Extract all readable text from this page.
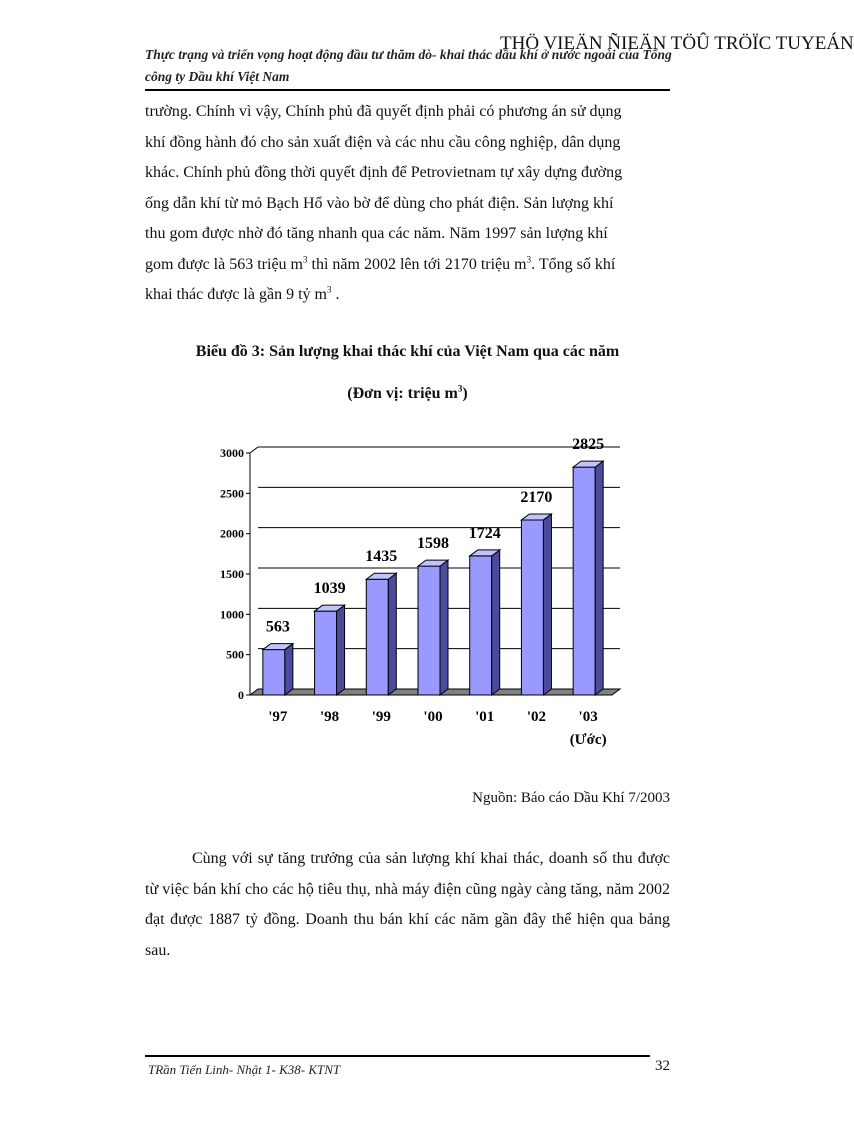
Thực trạng và triển vọng hoạt động đầu tư thăm dò- khai thác dầu khí ở nước ngoài của Tổng công ty Dầu khí Việt Nam
THÖ VIEÄN ÑIEÄN TÖÛ TRÖÏC TUYEÁN

trường. Chính vì vậy, Chính phủ đã quyết định phải có phương án sử dụng

khí đồng hành đó cho sản xuất điện và các nhu cầu công nghiệp, dân dụng

khác. Chính phủ đồng thời quyết định để Petrovietnam tự xây dựng đường

ống dẫn khí từ mỏ Bạch Hổ vào bờ để dùng cho phát điện. Sản lượng khí

thu gom được nhờ đó tăng nhanh qua các năm. Năm 1997 sản lượng khí

gom được là 563 triệu $m^3$ thì năm 2002 lên tới 2170 triệu $m^3$. Tổng số khí

khai thác được là gần 9 tỷ $m^3$ .

Biểu đồ 3: Sản lượng khai thác khí của Việt Nam qua các năm
(Đơn vị: triệu $m^3$)
0
500
1000
1500
2000
2500
3000
563
'97
1039
'98
1435
'99
1598
'00
1724
'01
2170
'02
2825
'03
(Ước)
Nguồn: Báo cáo Dầu Khí 7/2003
Cùng với sự tăng trưởng của sản lượng khí khai thác, doanh số thu được từ việc bán khí cho các hộ tiêu thụ, nhà máy điện cũng ngày càng tăng, năm 2002 đạt được 1887 tỷ đồng. Doanh thu bán khí các năm gần đây thể hiện qua bảng sau.
TRần Tiến Linh- Nhật 1- K38- KTNT	32
